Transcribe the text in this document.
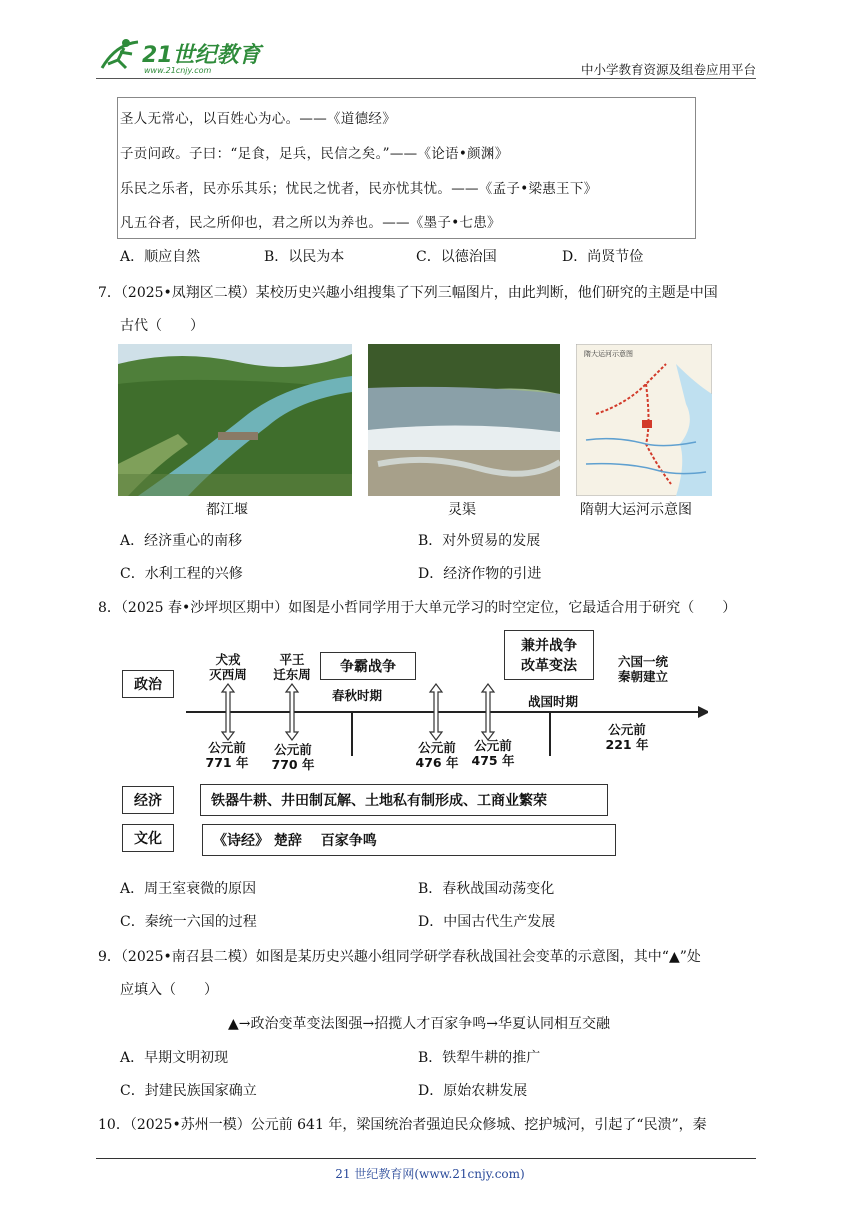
21世纪教育
www.21cnjy.com	中小学教育资源及组卷应用平台
圣人无常心，以百姓心为心。——《道德经》
子贡问政。子曰：“足食，足兵，民信之矣。”——《论语•颜渊》
乐民之乐者，民亦乐其乐；忧民之忧者，民亦忧其忧。——《孟子•梁惠王下》
凡五谷者，民之所仰也，君之所以为养也。——《墨子•七患》
A．顺应自然	B．以民为本	C．以德治国	D．尚贤节俭
7．（2025•凤翔区二模）某校历史兴趣小组搜集了下列三幅图片，由此判断，他们研究的主题是中国
古代（　　）
隋大运河示意图
都江堰	灵渠	隋朝大运河示意图
A．经济重心的南移	B．对外贸易的发展
C．水利工程的兴修	D．经济作物的引进
8．（2025 春•沙坪坝区期中）如图是小哲同学用于大单元学习的时空定位，它最适合用于研究（　　）
政治
经济
文化
犬戎
灭西周
平王
迁东周	争霸战争
春秋时期
兼并战争
改革变法
战国时期
六国一统
秦朝建立
公元前
771 年
公元前
770 年
公元前
476 年
公元前
475 年
公元前
221 年
铁器牛耕、井田制瓦解、土地私有制形成、工商业繁荣
《诗经》 楚辞　 百家争鸣
A．周王室衰微的原因	B．春秋战国动荡变化
C．秦统一六国的过程	D．中国古代生产发展
9．（2025•南召县二模）如图是某历史兴趣小组同学研学春秋战国社会变革的示意图，其中“▲”处
应填入（　　）
▲→政治变革变法图强→招揽人才百家争鸣→华夏认同相互交融
A．早期文明初现	B．铁犁牛耕的推广
C．封建民族国家确立	D．原始农耕发展
10．（2025•苏州一模）公元前 641 年，梁国统治者强迫民众修城、挖护城河，引起了“民溃”，秦
21 世纪教育网(www.21cnjy.com)
